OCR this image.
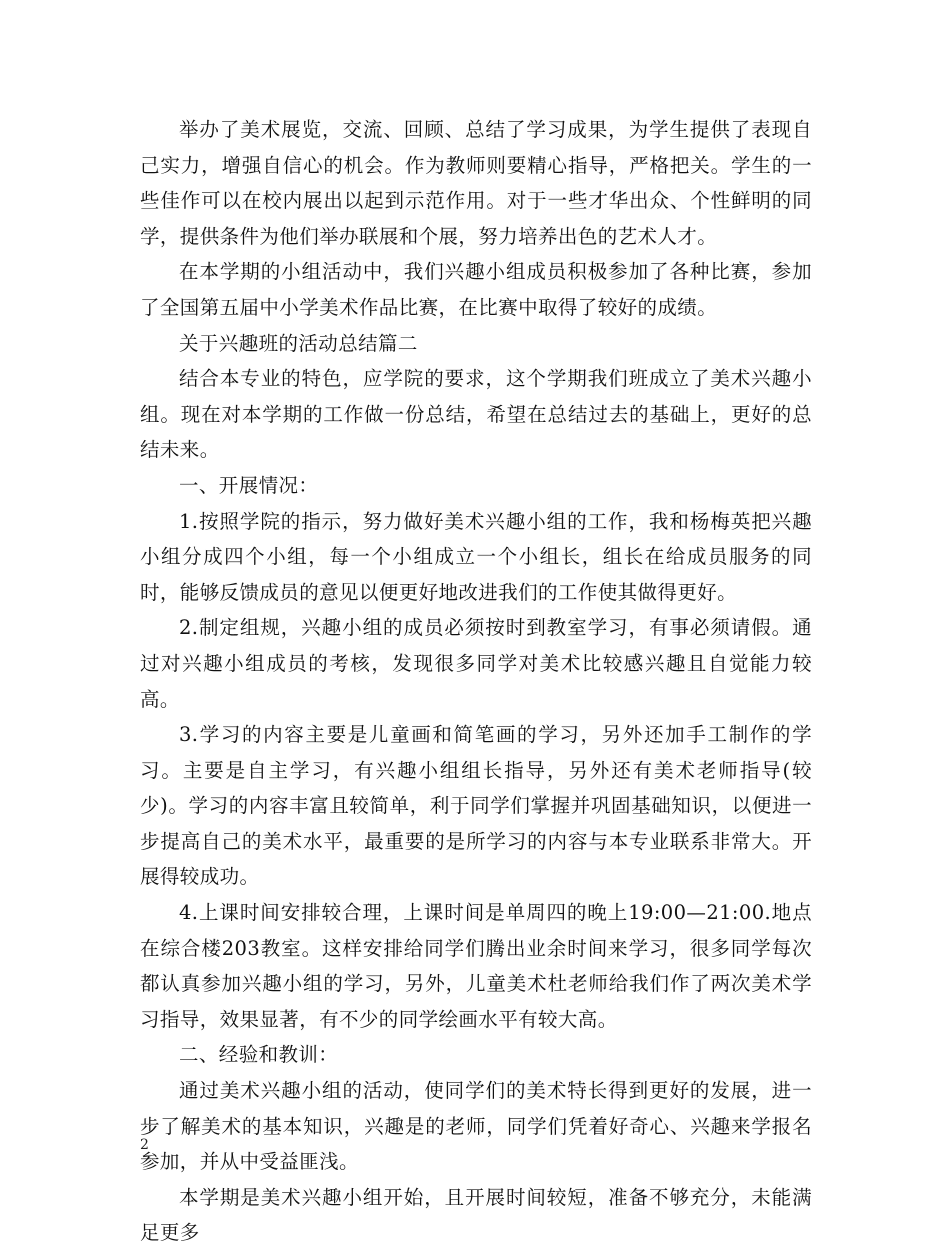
举办了美术展览，交流、回顾、总结了学习成果，为学生提供了表现自己实力，增强自信心的机会。作为教师则要精心指导，严格把关。学生的一些佳作可以在校内展出以起到示范作用。对于一些才华出众、个性鲜明的同学，提供条件为他们举办联展和个展，努力培养出色的艺术人才。

在本学期的小组活动中，我们兴趣小组成员积极参加了各种比赛，参加了全国第五届中小学美术作品比赛，在比赛中取得了较好的成绩。

关于兴趣班的活动总结篇二

结合本专业的特色，应学院的要求，这个学期我们班成立了美术兴趣小组。现在对本学期的工作做一份总结，希望在总结过去的基础上，更好的总结未来。

一、开展情况：

1.按照学院的指示，努力做好美术兴趣小组的工作，我和杨梅英把兴趣小组分成四个小组，每一个小组成立一个小组长，组长在给成员服务的同时，能够反馈成员的意见以便更好地改进我们的工作使其做得更好。

2.制定组规，兴趣小组的成员必须按时到教室学习，有事必须请假。通过对兴趣小组成员的考核，发现很多同学对美术比较感兴趣且自觉能力较高。

3.学习的内容主要是儿童画和简笔画的学习，另外还加手工制作的学习。主要是自主学习，有兴趣小组组长指导，另外还有美术老师指导(较少)。学习的内容丰富且较简单，利于同学们掌握并巩固基础知识，以便进一步提高自己的美术水平，最重要的是所学习的内容与本专业联系非常大。开展得较成功。

4.上课时间安排较合理，上课时间是单周四的晚上19:00—21:00.地点在综合楼203教室。这样安排给同学们腾出业余时间来学习，很多同学每次都认真参加兴趣小组的学习，另外，儿童美术杜老师给我们作了两次美术学习指导，效果显著，有不少的同学绘画水平有较大高。

二、经验和教训：

通过美术兴趣小组的活动，使同学们的美术特长得到更好的发展，进一步了解美术的基本知识，兴趣是的老师，同学们凭着好奇心、兴趣来学报名参加，并从中受益匪浅。

本学期是美术兴趣小组开始，且开展时间较短，准备不够充分，未能满足更多

2
